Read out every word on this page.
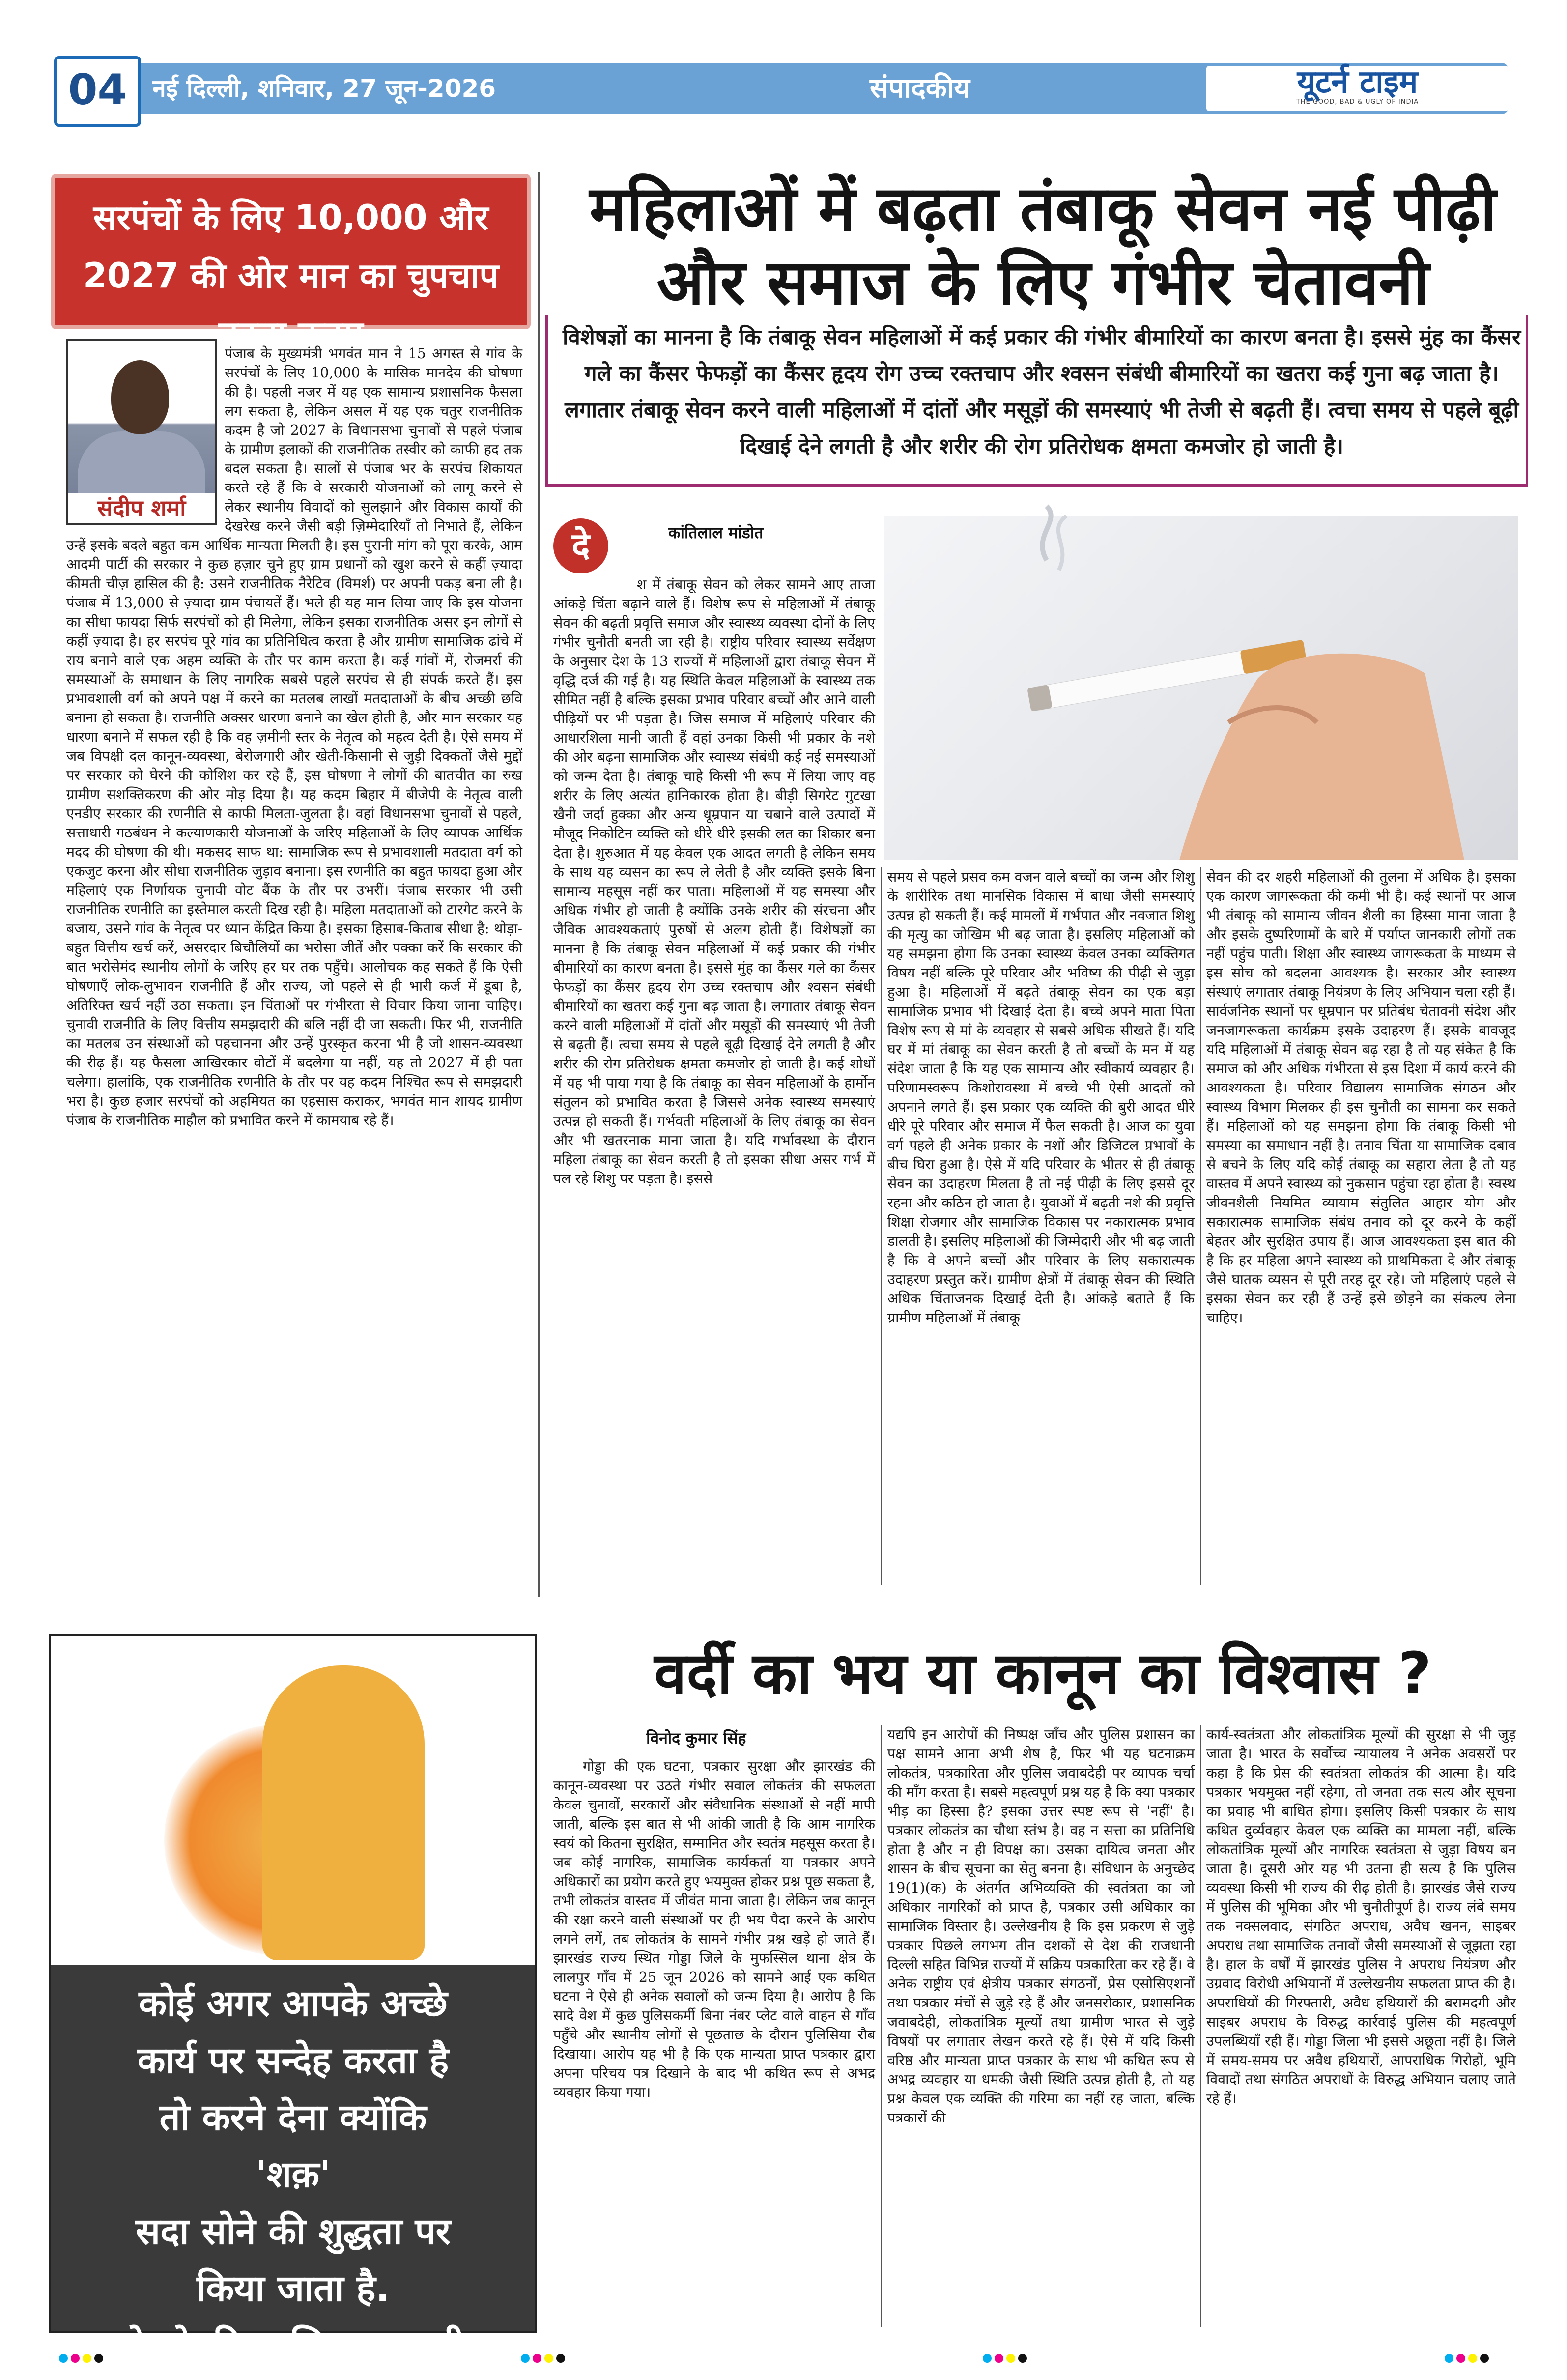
04	नई दिल्ली, शनिवार, 27 जून-2026	संपादकीय	यूटर्न टाइम
THE GOOD, BAD & UGLY OF INDIA
सरपंचों के लिए 10,000 और 2027 की ओर मान का चुपचाप बढ़ता कदम

पंजाब के मुख्यमंत्री भगवंत मान ने 15 अगस्त से गांव के सरपंचों के लिए 10,000 के मासिक मानदेय की घोषणा की है। पहली नजर में यह एक सामान्य प्रशासनिक फैसला लग सकता है, लेकिन असल में यह एक चतुर राजनीतिक कदम है जो 2027 के विधानसभा चुनावों से पहले पंजाब के ग्रामीण इलाकों की राजनीतिक तस्वीर को काफी हद तक बदल सकता है। सालों से पंजाब भर के सरपंच शिकायत करते रहे हैं कि वे सरकारी योजनाओं को लागू करने से लेकर स्थानीय विवादों को सुलझाने और विकास कार्यों की देखरेख करने जैसी बड़ी ज़िम्मेदारियाँ तो निभाते हैं, लेकिन उन्हें इसके बदले बहुत कम आर्थिक मान्यता मिलती है। इस पुरानी मांग को पूरा करके, आम आदमी पार्टी की सरकार ने कुछ हज़ार चुने हुए ग्राम प्रधानों को खुश करने से कहीं ज़्यादा कीमती चीज़ हासिल की है: उसने राजनीतिक नैरेटिव (विमर्श) पर अपनी पकड़ बना ली है। पंजाब में 13,000 से ज़्यादा ग्राम पंचायतें हैं। भले ही यह मान लिया जाए कि इस योजना का सीधा फायदा सिर्फ सरपंचों को ही मिलेगा, लेकिन इसका राजनीतिक असर इन लोगों से कहीं ज़्यादा है। हर सरपंच पूरे गांव का प्रतिनिधित्व करता है और ग्रामीण सामाजिक ढांचे में राय बनाने वाले एक अहम व्यक्ति के तौर पर काम करता है। कई गांवों में, रोजमर्रा की समस्याओं के समाधान के लिए नागरिक सबसे पहले सरपंच से ही संपर्क करते हैं। इस प्रभावशाली वर्ग को अपने पक्ष में करने का मतलब लाखों मतदाताओं के बीच अच्छी छवि बनाना हो सकता है। राजनीति अक्सर धारणा बनाने का खेल होती है, और मान सरकार यह धारणा बनाने में सफल रही है कि वह ज़मीनी स्तर के नेतृत्व को महत्व देती है। ऐसे समय में जब विपक्षी दल कानून-व्यवस्था, बेरोजगारी और खेती-किसानी से जुड़ी दिक्कतों जैसे मुद्दों पर सरकार को घेरने की कोशिश कर रहे हैं, इस घोषणा ने लोगों की बातचीत का रुख ग्रामीण सशक्तिकरण की ओर मोड़ दिया है। यह कदम बिहार में बीजेपी के नेतृत्व वाली एनडीए सरकार की रणनीति से काफी मिलता-जुलता है। वहां विधानसभा चुनावों से पहले, सत्ताधारी गठबंधन ने कल्याणकारी योजनाओं के जरिए महिलाओं के लिए व्यापक आर्थिक मदद की घोषणा की थी। मकसद साफ था: सामाजिक रूप से प्रभावशाली मतदाता वर्ग को एकजुट करना और सीधा राजनीतिक जुड़ाव बनाना। इस रणनीति का बहुत फायदा हुआ और महिलाएं एक निर्णायक चुनावी वोट बैंक के तौर पर उभरीं। पंजाब सरकार भी उसी राजनीतिक रणनीति का इस्तेमाल करती दिख रही है। महिला मतदाताओं को टारगेट करने के बजाय, उसने गांव के नेतृत्व पर ध्यान केंद्रित किया है। इसका हिसाब-किताब सीधा है: थोड़ा-बहुत वित्तीय खर्च करें, असरदार बिचौलियों का भरोसा जीतें और पक्का करें कि सरकार की बात भरोसेमंद स्थानीय लोगों के जरिए हर घर तक पहुँचे। आलोचक कह सकते हैं कि ऐसी घोषणाएँ लोक-लुभावन राजनीति हैं और राज्य, जो पहले से ही भारी कर्ज में डूबा है, अतिरिक्त खर्च नहीं उठा सकता। इन चिंताओं पर गंभीरता से विचार किया जाना चाहिए। चुनावी राजनीति के लिए वित्तीय समझदारी की बलि नहीं दी जा सकती। फिर भी, राजनीति का मतलब उन संस्थाओं को पहचानना और उन्हें पुरस्कृत करना भी है जो शासन-व्यवस्था की रीढ़ हैं। यह फैसला आखिरकार वोटों में बदलेगा या नहीं, यह तो 2027 में ही पता चलेगा। हालांकि, एक राजनीतिक रणनीति के तौर पर यह कदम निश्चित रूप से समझदारी भरा है। कुछ हजार सरपंचों को अहमियत का एहसास कराकर, भगवंत मान शायद ग्रामीण पंजाब के राजनीतिक माहौल को प्रभावित करने में कामयाब रहे हैं।

संदीप शर्मा
महिलाओं में बढ़ता तंबाकू सेवन नई पीढ़ी और समाज के लिए गंभीर चेतावनी
विशेषज्ञों का मानना है कि तंबाकू सेवन महिलाओं में कई प्रकार की गंभीर बीमारियों का कारण बनता है। इससे मुंह का कैंसर गले का कैंसर फेफड़ों का कैंसर हृदय रोग उच्च रक्तचाप और श्वसन संबंधी बीमारियों का खतरा कई गुना बढ़ जाता है। लगातार तंबाकू सेवन करने वाली महिलाओं में दांतों और मसूड़ों की समस्याएं भी तेजी से बढ़ती हैं। त्वचा समय से पहले बूढ़ी दिखाई देने लगती है और शरीर की रोग प्रतिरोधक क्षमता कमजोर हो जाती है।
दे	कांतिलाल मांडोत

श में तंबाकू सेवन को लेकर सामने आए ताजा आंकड़े चिंता बढ़ाने वाले हैं। विशेष रूप से महिलाओं में तंबाकू सेवन की बढ़ती प्रवृत्ति समाज और स्वास्थ्य व्यवस्था दोनों के लिए गंभीर चुनौती बनती जा रही है। राष्ट्रीय परिवार स्वास्थ्य सर्वेक्षण के अनुसार देश के 13 राज्यों में महिलाओं द्वारा तंबाकू सेवन में वृद्धि दर्ज की गई है। यह स्थिति केवल महिलाओं के स्वास्थ्य तक सीमित नहीं है बल्कि इसका प्रभाव परिवार बच्चों और आने वाली पीढ़ियों पर भी पड़ता है। जिस समाज में महिलाएं परिवार की आधारशिला मानी जाती हैं वहां उनका किसी भी प्रकार के नशे की ओर बढ़ना सामाजिक और स्वास्थ्य संबंधी कई नई समस्याओं को जन्म देता है। तंबाकू चाहे किसी भी रूप में लिया जाए वह शरीर के लिए अत्यंत हानिकारक होता है। बीड़ी सिगरेट गुटखा खैनी जर्दा हुक्का और अन्य धूम्रपान या चबाने वाले उत्पादों में मौजूद निकोटिन व्यक्ति को धीरे धीरे इसकी लत का शिकार बना देता है। शुरुआत में यह केवल एक आदत लगती है लेकिन समय के साथ यह व्यसन का रूप ले लेती है और व्यक्ति इसके बिना सामान्य महसूस नहीं कर पाता। महिलाओं में यह समस्या और अधिक गंभीर हो जाती है क्योंकि उनके शरीर की संरचना और जैविक आवश्यकताएं पुरुषों से अलग होती हैं। विशेषज्ञों का मानना है कि तंबाकू सेवन महिलाओं में कई प्रकार की गंभीर बीमारियों का कारण बनता है। इससे मुंह का कैंसर गले का कैंसर फेफड़ों का कैंसर हृदय रोग उच्च रक्तचाप और श्वसन संबंधी बीमारियों का खतरा कई गुना बढ़ जाता है। लगातार तंबाकू सेवन करने वाली महिलाओं में दांतों और मसूड़ों की समस्याएं भी तेजी से बढ़ती हैं। त्वचा समय से पहले बूढ़ी दिखाई देने लगती है और शरीर की रोग प्रतिरोधक क्षमता कमजोर हो जाती है। कई शोधों में यह भी पाया गया है कि तंबाकू का सेवन महिलाओं के हार्मोन संतुलन को प्रभावित करता है जिससे अनेक स्वास्थ्य समस्याएं उत्पन्न हो सकती हैं। गर्भवती महिलाओं के लिए तंबाकू का सेवन और भी खतरनाक माना जाता है। यदि गर्भावस्था के दौरान महिला तंबाकू का सेवन करती है तो इसका सीधा असर गर्भ में पल रहे शिशु पर पड़ता है। इससे

समय से पहले प्रसव कम वजन वाले बच्चों का जन्म और शिशु के शारीरिक तथा मानसिक विकास में बाधा जैसी समस्याएं उत्पन्न हो सकती हैं। कई मामलों में गर्भपात और नवजात शिशु की मृत्यु का जोखिम भी बढ़ जाता है। इसलिए महिलाओं को यह समझना होगा कि उनका स्वास्थ्य केवल उनका व्यक्तिगत विषय नहीं बल्कि पूरे परिवार और भविष्य की पीढ़ी से जुड़ा हुआ है। महिलाओं में बढ़ते तंबाकू सेवन का एक बड़ा सामाजिक प्रभाव भी दिखाई देता है। बच्चे अपने माता पिता विशेष रूप से मां के व्यवहार से सबसे अधिक सीखते हैं। यदि घर में मां तंबाकू का सेवन करती है तो बच्चों के मन में यह संदेश जाता है कि यह एक सामान्य और स्वीकार्य व्यवहार है। परिणामस्वरूप किशोरावस्था में बच्चे भी ऐसी आदतों को अपनाने लगते हैं। इस प्रकार एक व्यक्ति की बुरी आदत धीरे धीरे पूरे परिवार और समाज में फैल सकती है। आज का युवा वर्ग पहले ही अनेक प्रकार के नशों और डिजिटल प्रभावों के बीच घिरा हुआ है। ऐसे में यदि परिवार के भीतर से ही तंबाकू सेवन का उदाहरण मिलता है तो नई पीढ़ी के लिए इससे दूर रहना और कठिन हो जाता है। युवाओं में बढ़ती नशे की प्रवृत्ति शिक्षा रोजगार और सामाजिक विकास पर नकारात्मक प्रभाव डालती है। इसलिए महिलाओं की जिम्मेदारी और भी बढ़ जाती है कि वे अपने बच्चों और परिवार के लिए सकारात्मक उदाहरण प्रस्तुत करें। ग्रामीण क्षेत्रों में तंबाकू सेवन की स्थिति अधिक चिंताजनक दिखाई देती है। आंकड़े बताते हैं कि ग्रामीण महिलाओं में तंबाकू

सेवन की दर शहरी महिलाओं की तुलना में अधिक है। इसका एक कारण जागरूकता की कमी भी है। कई स्थानों पर आज भी तंबाकू को सामान्य जीवन शैली का हिस्सा माना जाता है और इसके दुष्परिणामों के बारे में पर्याप्त जानकारी लोगों तक नहीं पहुंच पाती। शिक्षा और स्वास्थ्य जागरूकता के माध्यम से इस सोच को बदलना आवश्यक है। सरकार और स्वास्थ्य संस्थाएं लगातार तंबाकू नियंत्रण के लिए अभियान चला रही हैं। सार्वजनिक स्थानों पर धूम्रपान पर प्रतिबंध चेतावनी संदेश और जनजागरूकता कार्यक्रम इसके उदाहरण हैं। इसके बावजूद यदि महिलाओं में तंबाकू सेवन बढ़ रहा है तो यह संकेत है कि समाज को और अधिक गंभीरता से इस दिशा में कार्य करने की आवश्यकता है। परिवार विद्यालय सामाजिक संगठन और स्वास्थ्य विभाग मिलकर ही इस चुनौती का सामना कर सकते हैं। महिलाओं को यह समझना होगा कि तंबाकू किसी भी समस्या का समाधान नहीं है। तनाव चिंता या सामाजिक दबाव से बचने के लिए यदि कोई तंबाकू का सहारा लेता है तो यह वास्तव में अपने स्वास्थ्य को नुकसान पहुंचा रहा होता है। स्वस्थ जीवनशैली नियमित व्यायाम संतुलित आहार योग और सकारात्मक सामाजिक संबंध तनाव को दूर करने के कहीं बेहतर और सुरक्षित उपाय हैं। आज आवश्यकता इस बात की है कि हर महिला अपने स्वास्थ्य को प्राथमिकता दे और तंबाकू जैसे घातक व्यसन से पूरी तरह दूर रहे। जो महिलाएं पहले से इसका सेवन कर रही हैं उन्हें इसे छोड़ने का संकल्प लेना चाहिए।

कोई अगर आपके अच्छे
कार्य पर सन्देह करता है
तो करने देना क्योंकि
'शक़'
सदा सोने की शुद्धता पर
किया जाता है.
कोयले की कालिख पर नही.
वर्दी का भय या कानून का विश्वास ?
विनोद कुमार सिंह

गोड्डा की एक घटना, पत्रकार सुरक्षा और झारखंड की कानून-व्यवस्था पर उठते गंभीर सवाल लोकतंत्र की सफलता केवल चुनावों, सरकारों और संवैधानिक संस्थाओं से नहीं मापी जाती, बल्कि इस बात से भी आंकी जाती है कि आम नागरिक स्वयं को कितना सुरक्षित, सम्मानित और स्वतंत्र महसूस करता है। जब कोई नागरिक, सामाजिक कार्यकर्ता या पत्रकार अपने अधिकारों का प्रयोग करते हुए भयमुक्त होकर प्रश्न पूछ सकता है, तभी लोकतंत्र वास्तव में जीवंत माना जाता है। लेकिन जब कानून की रक्षा करने वाली संस्थाओं पर ही भय पैदा करने के आरोप लगने लगें, तब लोकतंत्र के सामने गंभीर प्रश्न खड़े हो जाते हैं। झारखंड राज्य स्थित गोड्डा जिले के मुफस्सिल थाना क्षेत्र के लालपुर गाँव में 25 जून 2026 को सामने आई एक कथित घटना ने ऐसे ही अनेक सवालों को जन्म दिया है। आरोप है कि सादे वेश में कुछ पुलिसकर्मी बिना नंबर प्लेट वाले वाहन से गाँव पहुँचे और स्थानीय लोगों से पूछताछ के दौरान पुलिसिया रौब दिखाया। आरोप यह भी है कि एक मान्यता प्राप्त पत्रकार द्वारा अपना परिचय पत्र दिखाने के बाद भी कथित रूप से अभद्र व्यवहार किया गया।

यद्यपि इन आरोपों की निष्पक्ष जाँच और पुलिस प्रशासन का पक्ष सामने आना अभी शेष है, फिर भी यह घटनाक्रम लोकतंत्र, पत्रकारिता और पुलिस जवाबदेही पर व्यापक चर्चा की माँग करता है। सबसे महत्वपूर्ण प्रश्न यह है कि क्या पत्रकार भीड़ का हिस्सा है? इसका उत्तर स्पष्ट रूप से 'नहीं' है। पत्रकार लोकतंत्र का चौथा स्तंभ है। वह न सत्ता का प्रतिनिधि होता है और न ही विपक्ष का। उसका दायित्व जनता और शासन के बीच सूचना का सेतु बनना है। संविधान के अनुच्छेद 19(1)(क) के अंतर्गत अभिव्यक्ति की स्वतंत्रता का जो अधिकार नागरिकों को प्राप्त है, पत्रकार उसी अधिकार का सामाजिक विस्तार है। उल्लेखनीय है कि इस प्रकरण से जुड़े पत्रकार पिछले लगभग तीन दशकों से देश की राजधानी दिल्ली सहित विभिन्न राज्यों में सक्रिय पत्रकारिता कर रहे हैं। वे अनेक राष्ट्रीय एवं क्षेत्रीय पत्रकार संगठनों, प्रेस एसोसिएशनों तथा पत्रकार मंचों से जुड़े रहे हैं और जनसरोकार, प्रशासनिक जवाबदेही, लोकतांत्रिक मूल्यों तथा ग्रामीण भारत से जुड़े विषयों पर लगातार लेखन करते रहे हैं। ऐसे में यदि किसी वरिष्ठ और मान्यता प्राप्त पत्रकार के साथ भी कथित रूप से अभद्र व्यवहार या धमकी जैसी स्थिति उत्पन्न होती है, तो यह प्रश्न केवल एक व्यक्ति की गरिमा का नहीं रह जाता, बल्कि पत्रकारों की

कार्य-स्वतंत्रता और लोकतांत्रिक मूल्यों की सुरक्षा से भी जुड़ जाता है। भारत के सर्वोच्च न्यायालय ने अनेक अवसरों पर कहा है कि प्रेस की स्वतंत्रता लोकतंत्र की आत्मा है। यदि पत्रकार भयमुक्त नहीं रहेगा, तो जनता तक सत्य और सूचना का प्रवाह भी बाधित होगा। इसलिए किसी पत्रकार के साथ कथित दुर्व्यवहार केवल एक व्यक्ति का मामला नहीं, बल्कि लोकतांत्रिक मूल्यों और नागरिक स्वतंत्रता से जुड़ा विषय बन जाता है। दूसरी ओर यह भी उतना ही सत्य है कि पुलिस व्यवस्था किसी भी राज्य की रीढ़ होती है। झारखंड जैसे राज्य में पुलिस की भूमिका और भी चुनौतीपूर्ण है। राज्य लंबे समय तक नक्सलवाद, संगठित अपराध, अवैध खनन, साइबर अपराध तथा सामाजिक तनावों जैसी समस्याओं से जूझता रहा है। हाल के वर्षों में झारखंड पुलिस ने अपराध नियंत्रण और उग्रवाद विरोधी अभियानों में उल्लेखनीय सफलता प्राप्त की है। अपराधियों की गिरफ्तारी, अवैध हथियारों की बरामदगी और साइबर अपराध के विरुद्ध कार्रवाई पुलिस की महत्वपूर्ण उपलब्धियाँ रही हैं। गोड्डा जिला भी इससे अछूता नहीं है। जिले में समय-समय पर अवैध हथियारों, आपराधिक गिरोहों, भूमि विवादों तथा संगठित अपराधों के विरुद्ध अभियान चलाए जाते रहे हैं।
